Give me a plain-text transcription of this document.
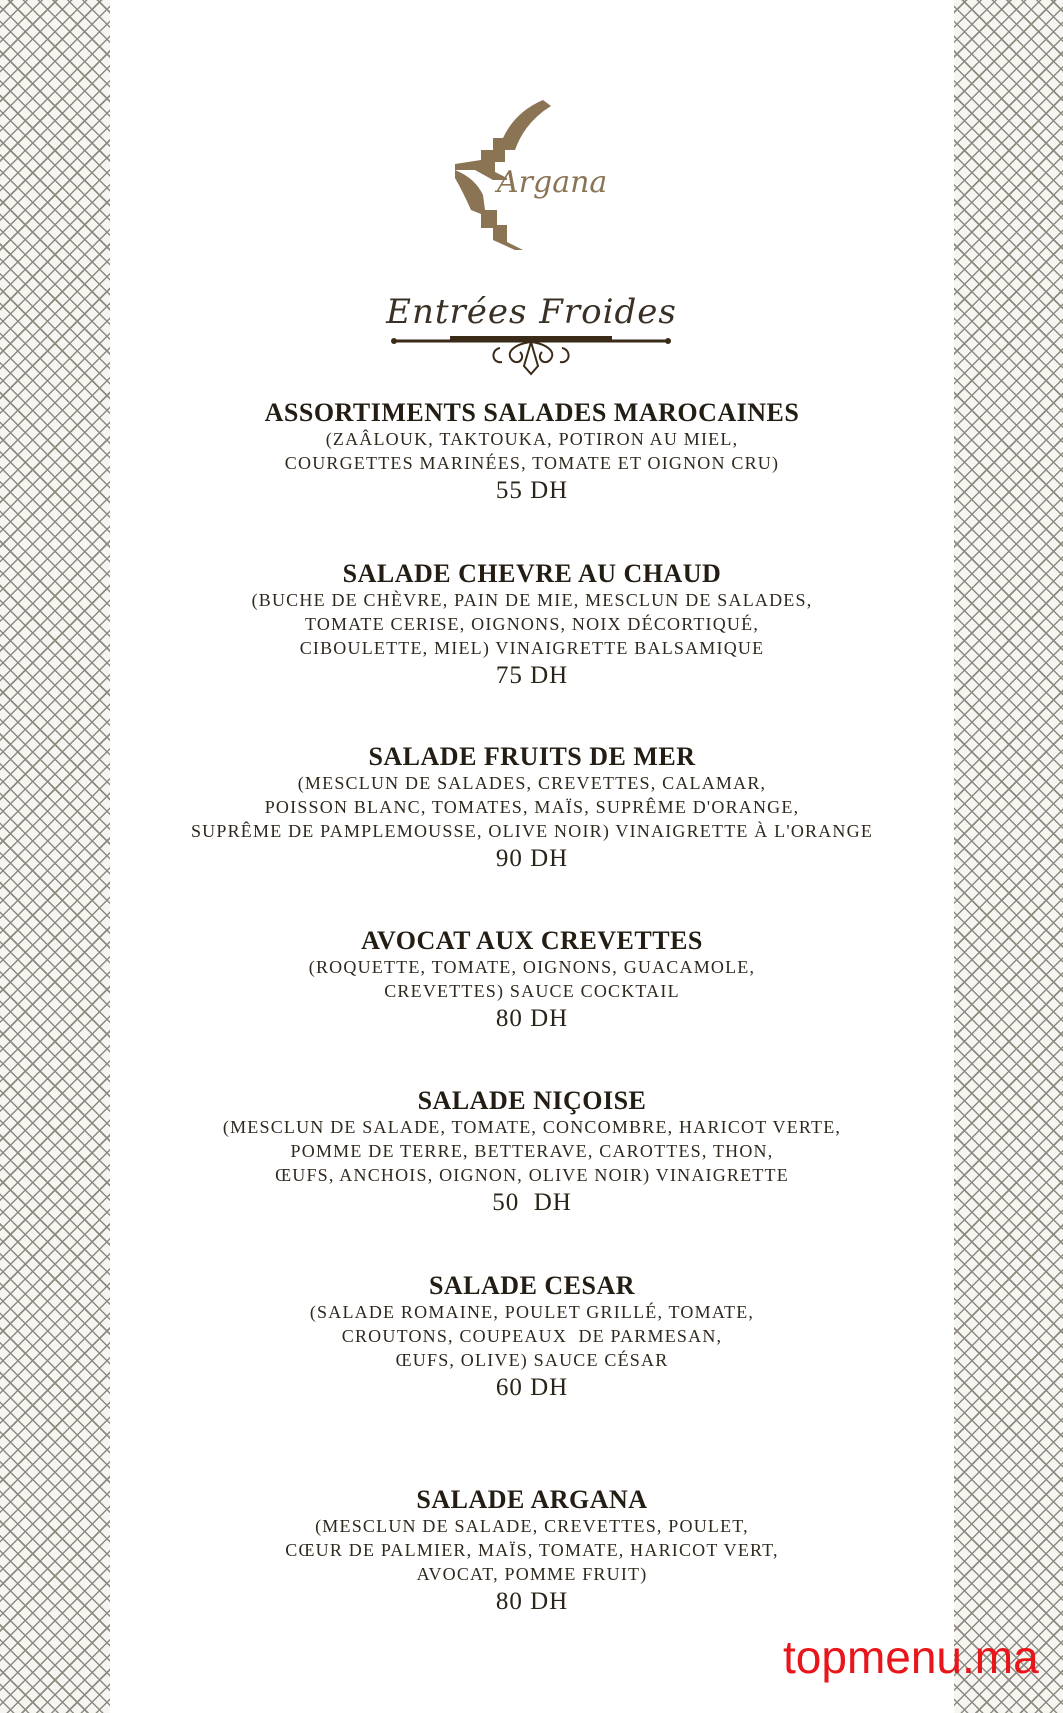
Argana
Entrées Froides
ASSORTIMENTS SALADES MAROCAINES
(ZAÂLOUK, TAKTOUKA, POTIRON AU MIEL,
COURGETTES MARINÉES, TOMATE ET OIGNON CRU)
55 DH
SALADE CHEVRE AU CHAUD
(BUCHE DE CHÈVRE, PAIN DE MIE, MESCLUN DE SALADES,
TOMATE CERISE, OIGNONS, NOIX DÉCORTIQUÉ,
CIBOULETTE, MIEL) VINAIGRETTE BALSAMIQUE
75 DH
SALADE FRUITS DE MER
(MESCLUN DE SALADES, CREVETTES, CALAMAR,
POISSON BLANC, TOMATES, MAÏS, SUPRÊME D'ORANGE,
SUPRÊME DE PAMPLEMOUSSE, OLIVE NOIR) VINAIGRETTE À L'ORANGE
90 DH
AVOCAT AUX CREVETTES
(ROQUETTE, TOMATE, OIGNONS, GUACAMOLE,
CREVETTES) SAUCE COCKTAIL
80 DH
SALADE NIÇOISE
(MESCLUN DE SALADE, TOMATE, CONCOMBRE, HARICOT VERTE,
POMME DE TERRE, BETTERAVE, CAROTTES, THON,
ŒUFS, ANCHOIS, OIGNON, OLIVE NOIR) VINAIGRETTE
50  DH
SALADE CESAR
(SALADE ROMAINE, POULET GRILLÉ, TOMATE,
CROUTONS, COUPEAUX  DE PARMESAN,
ŒUFS, OLIVE) SAUCE CÉSAR
60 DH
SALADE ARGANA
(MESCLUN DE SALADE, CREVETTES, POULET,
CŒUR DE PALMIER, MAÏS, TOMATE, HARICOT VERT,
AVOCAT, POMME FRUIT)
80 DH
topmenu.ma
